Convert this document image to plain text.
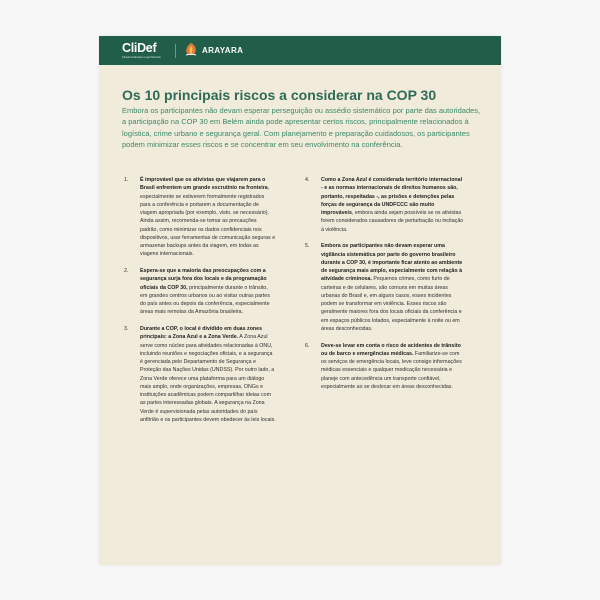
CliDef
Climate Defenders Legal Network
ARAYARA
Os 10 principais riscos a considerar na COP 30
Embora os participantes não devam esperar perseguição ou assédio sistemático por parte das autoridades, a participação na COP 30 em Belém ainda pode apresentar certos riscos, principalmente relacionados à logística, crime urbano e segurança geral. Com planejamento e preparação cuidadosos, os participantes podem minimizar esses riscos e se concentrar em seu envolvimento na conferência.
1. É improvável que os ativistas que viajarem para o Brasil enfrentem um grande escrutínio na fronteira, especialmente se estiverem formalmente registrados para a conferência e portarem a documentação de viagem apropriada (por exemplo, visto, se necessário). Ainda assim, recomenda-se tomar as precauções padrão, como minimizar os dados confidenciais nos dispositivos, usar ferramentas de comunicação seguras e armazenar backups antes da viagem, em todas as viagens internacionais.
2. Espera-se que a maioria das preocupações com a segurança surja fora dos locais e da programação oficiais da COP 30, principalmente durante o trânsito, em grandes centros urbanos ou ao visitar outras partes do país antes ou depois da conferência, especialmente áreas mais remotas da Amazônia brasileira.
3. Durante a COP, o local é dividido em duas zones principais: a Zona Azul e a Zona Verde. A Zona Azul serve como núcleo para atividades relacionadas à ONU, incluindo reuniões e negociações oficiais, e a segurança é gerenciada pelo Departamento de Segurança e Proteção das Nações Unidas (UNDSS). Por outro lado, a Zona Verde oferece uma plataforma para um diálogo mais amplo, onde organizações, empresas, ONGs e instituições acadêmicas podem compartilhar ideias com as partes interessadas globais. A segurança na Zona Verde é supervisionada pelas autoridades do país anfitrião e os participantes devem obedecer às leis locais.
4. Como a Zona Azul é considerada território internacional - e as normas internacionais de direitos humanos são, portanto, respeitadas -, as prisões e detenções pelas forças de segurança da UNDFCCC são muito improváveis, embora ainda sejam possíveis se os ativistas forem considerados causadores de perturbação ou incitação à violência.
5. Embora os participantes não devam esperar uma vigilância sistemática por parte do governo brasileiro durante a COP 30, é importante ficar atento ao ambiente de segurança mais amplo, especialmente com relação à atividade criminosa. Pequenos crimes, como furto de carteiras e de celulares, são comuns em muitas áreas urbanas do Brasil e, em alguns casos, esses incidentes podem se transformar em violência. Esses riscos são geralmente maiores fora dos locais oficiais da conferência e em espaços públicos lotados, especialmente à noite ou em áreas desconhecidas.
6. Deve-se levar em conta o risco de acidentes de trânsito ou de barco e emergências médicas. Familiarize-se com os serviços de emergência locais, leve consigo informações médicas essenciais e qualquer medicação necessária e planeje com antecedência um transporte confiável, especialmente ao se deslocar em áreas desconhecidas.
